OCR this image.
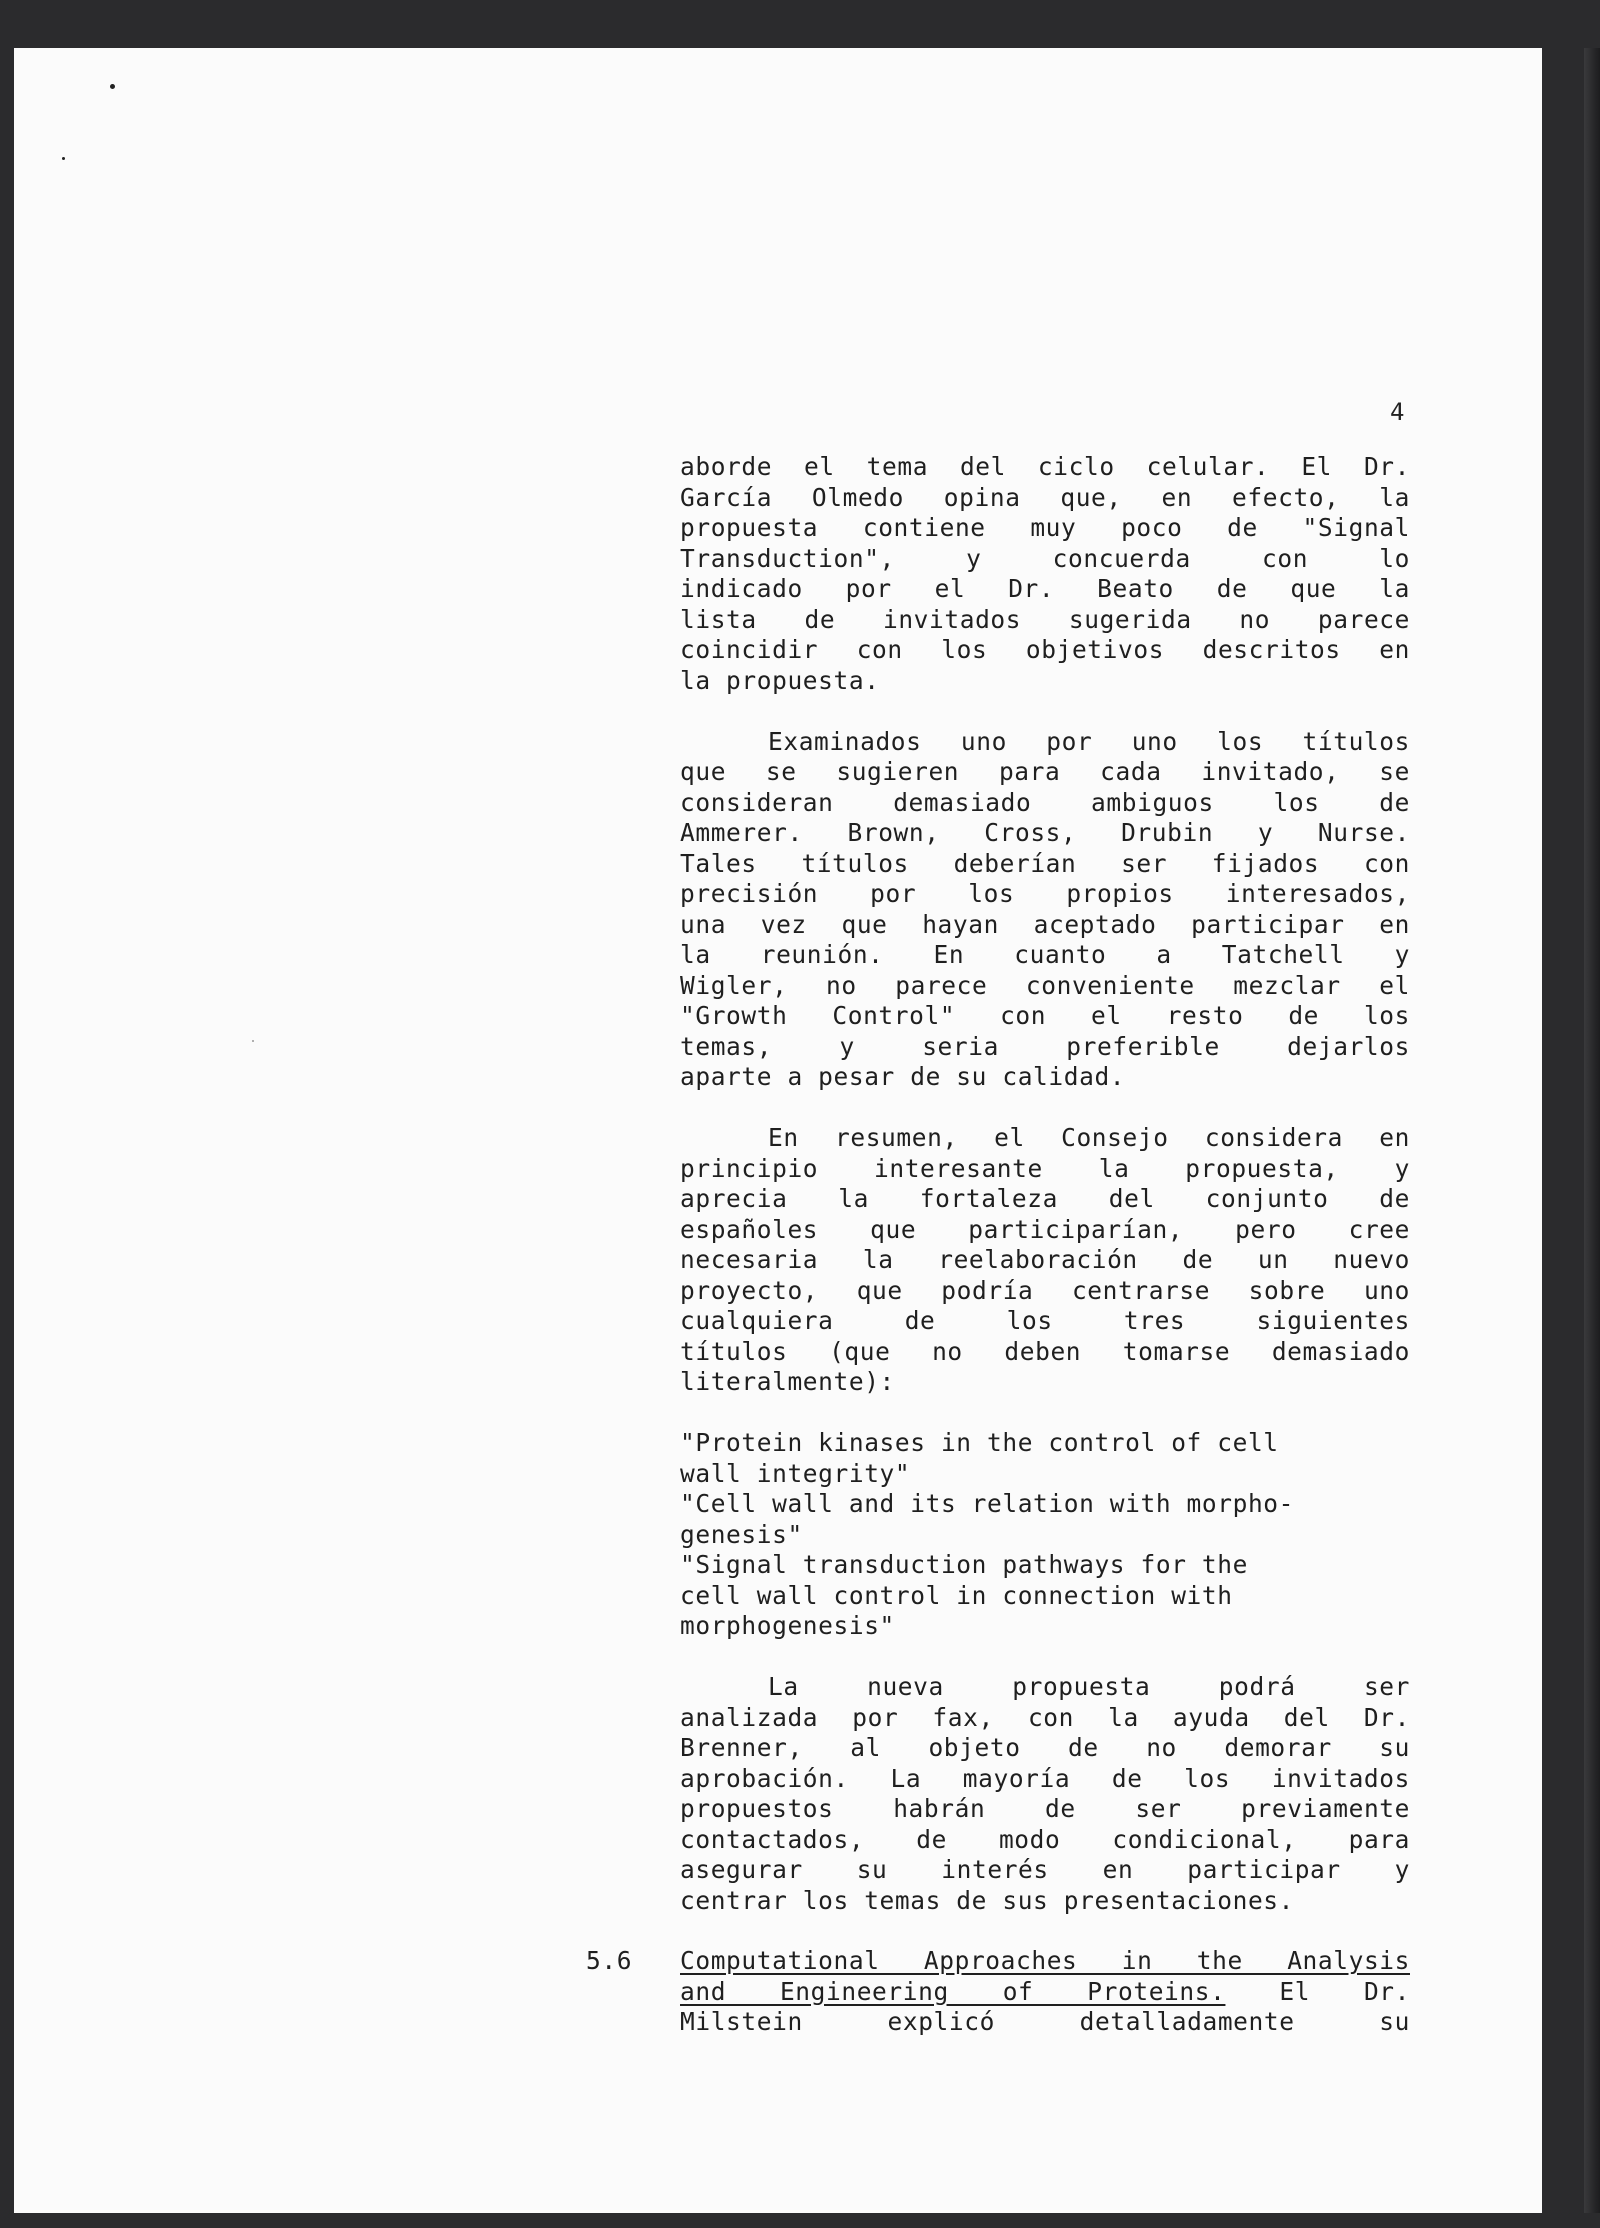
4
aborde el tema del ciclo celular. El Dr.
García Olmedo opina que, en efecto, la
propuesta contiene muy poco de "Signal
Transduction", y concuerda con lo
indicado por el Dr. Beato de que la
lista de invitados sugerida no parece
coincidir con los objetivos descritos en
la propuesta.
Examinados uno por uno los títulos
que se sugieren para cada invitado, se
consideran demasiado ambiguos los de
Ammerer. Brown, Cross, Drubin y Nurse.
Tales títulos deberían ser fijados con
precisión por los propios interesados,
una vez que hayan aceptado participar en
la reunión. En cuanto a Tatchell y
Wigler, no parece conveniente mezclar el
"Growth Control" con el resto de los
temas, y seria preferible dejarlos
aparte a pesar de su calidad.
En resumen, el Consejo considera en
principio interesante la propuesta, y
aprecia la fortaleza del conjunto de
españoles que participarían, pero cree
necesaria la reelaboración de un nuevo
proyecto, que podría centrarse sobre uno
cualquiera de los tres siguientes
títulos (que no deben tomarse demasiado
literalmente):
"Protein kinases in the control of cell
wall integrity"
"Cell wall and its relation with morpho-
genesis"
"Signal transduction pathways for the
cell wall control in connection with
morphogenesis"
La nueva propuesta podrá ser
analizada por fax, con la ayuda del Dr.
Brenner, al objeto de no demorar su
aprobación. La mayoría de los invitados
propuestos habrán de ser previamente
contactados, de modo condicional, para
asegurar su interés en participar y
centrar los temas de sus presentaciones.
5.6 Computational Approaches in the Analysis
and  Engineering  of  Proteins.  El  Dr.
Milstein explicó detalladamente su
